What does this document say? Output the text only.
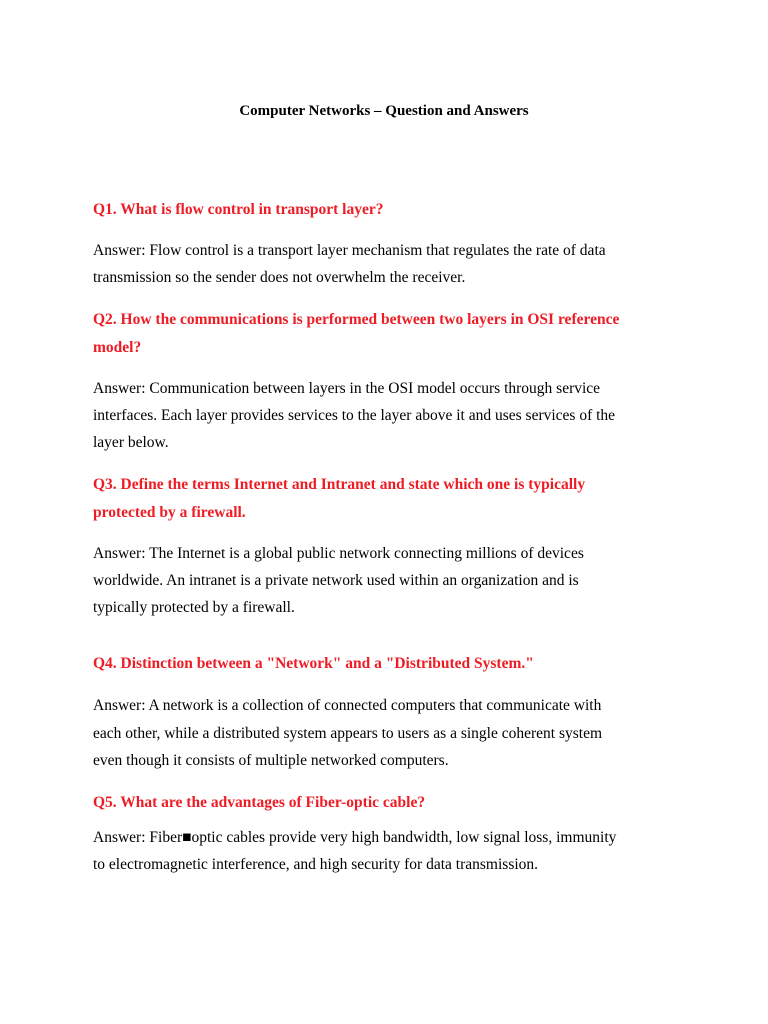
Computer Networks – Question and Answers
Q1. What is flow control in transport layer?
Answer: Flow control is a transport layer mechanism that regulates the rate of data
transmission so the sender does not overwhelm the receiver.
Q2. How the communications is performed between two layers in OSI reference
model?
Answer: Communication between layers in the OSI model occurs through service
interfaces. Each layer provides services to the layer above it and uses services of the
layer below.
Q3. Define the terms Internet and Intranet and state which one is typically
protected by a firewall.
Answer: The Internet is a global public network connecting millions of devices
worldwide. An intranet is a private network used within an organization and is
typically protected by a firewall.
Q4. Distinction between a "Network" and a "Distributed System."
Answer: A network is a collection of connected computers that communicate with
each other, while a distributed system appears to users as a single coherent system
even though it consists of multiple networked computers.
Q5. What are the advantages of Fiber-optic cable?
Answer: Fiber■optic cables provide very high bandwidth, low signal loss, immunity
to electromagnetic interference, and high security for data transmission.
